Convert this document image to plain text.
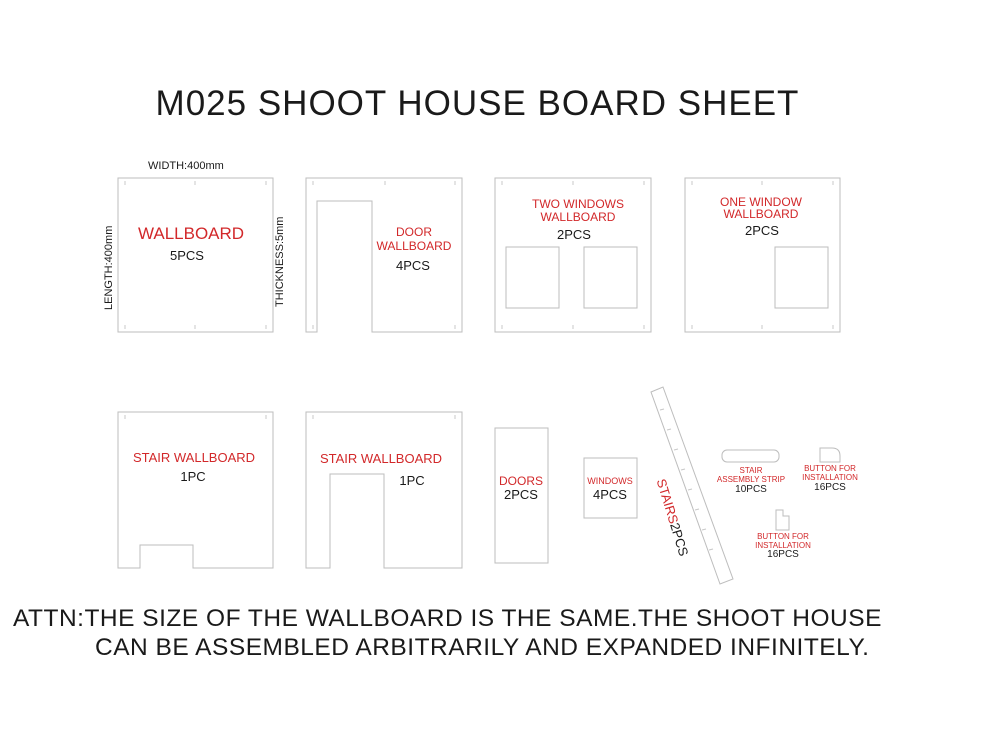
M025 SHOOT HOUSE BOARD SHEET
WIDTH:400mm
LENGTH:400mm	THICKNESS:5mm
WALLBOARD
5PCS
DOOR
WALLBOARD
4PCS
TWO WINDOWS
WALLBOARD
2PCS
ONE WINDOW
WALLBOARD
2PCS
STAIR WALLBOARD
1PC
STAIR WALLBOARD
1PC	DOORS
2PCS
WINDOWS
4PCS STAIRS2PCS
STAIR
ASSEMBLY STRIP
10PCS
BUTTON FOR
INSTALLATION
16PCS
BUTTON FOR
INSTALLATION
16PCS
ATTN:THE SIZE OF THE WALLBOARD IS THE SAME.THE SHOOT HOUSE
CAN BE ASSEMBLED ARBITRARILY AND EXPANDED INFINITELY.
